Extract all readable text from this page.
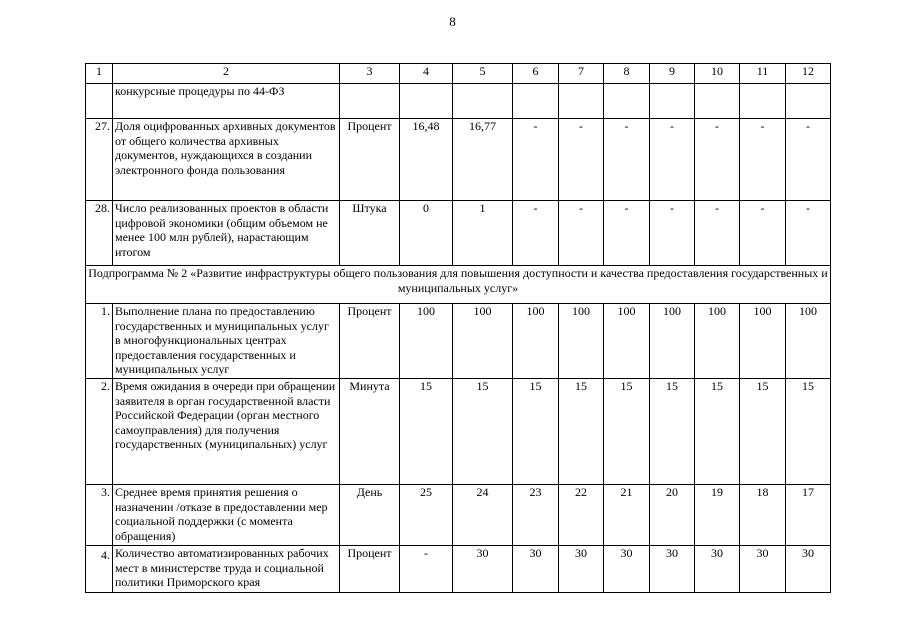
8
1	2	3	4	5	6	7	8	9	10	11	12
	конкурсные процедуры по 44-ФЗ										
27.	Доля оцифрованных архивных документов от общего количества архивных документов, нуждающихся в создании электронного фонда пользования	Процент	16,48	16,77	-	-	-	-	-	-	-
28.	Число реализованных проектов в области цифровой экономики (общим объемом не менее 100 млн рублей), нарастающим итогом	Штука	0	1	-	-	-	-	-	-	-
Подпрограмма № 2 «Развитие инфраструктуры общего пользования для повышения доступности и качества предоставления государственных и муниципальных услуг»											
1.	Выполнение плана по предоставлению государственных и муниципальных услуг в многофункциональных центрах предоставления государственных и муниципальных услуг	Процент	100	100	100	100	100	100	100	100	100
2.	Время ожидания в очереди при обращении заявителя в орган государственной власти Российской Федерации (орган местного самоуправления) для получения государственных (муниципальных) услуг	Минута	15	15	15	15	15	15	15	15	15
3.	Среднее время принятия решения о назначении /отказе в предоставлении мер социальной поддержки (с момента обращения)	День	25	24	23	22	21	20	19	18	17
4.	Количество автоматизированных рабочих мест в министерстве труда и социальной политики Приморского края	Процент	-	30	30	30	30	30	30	30	30
